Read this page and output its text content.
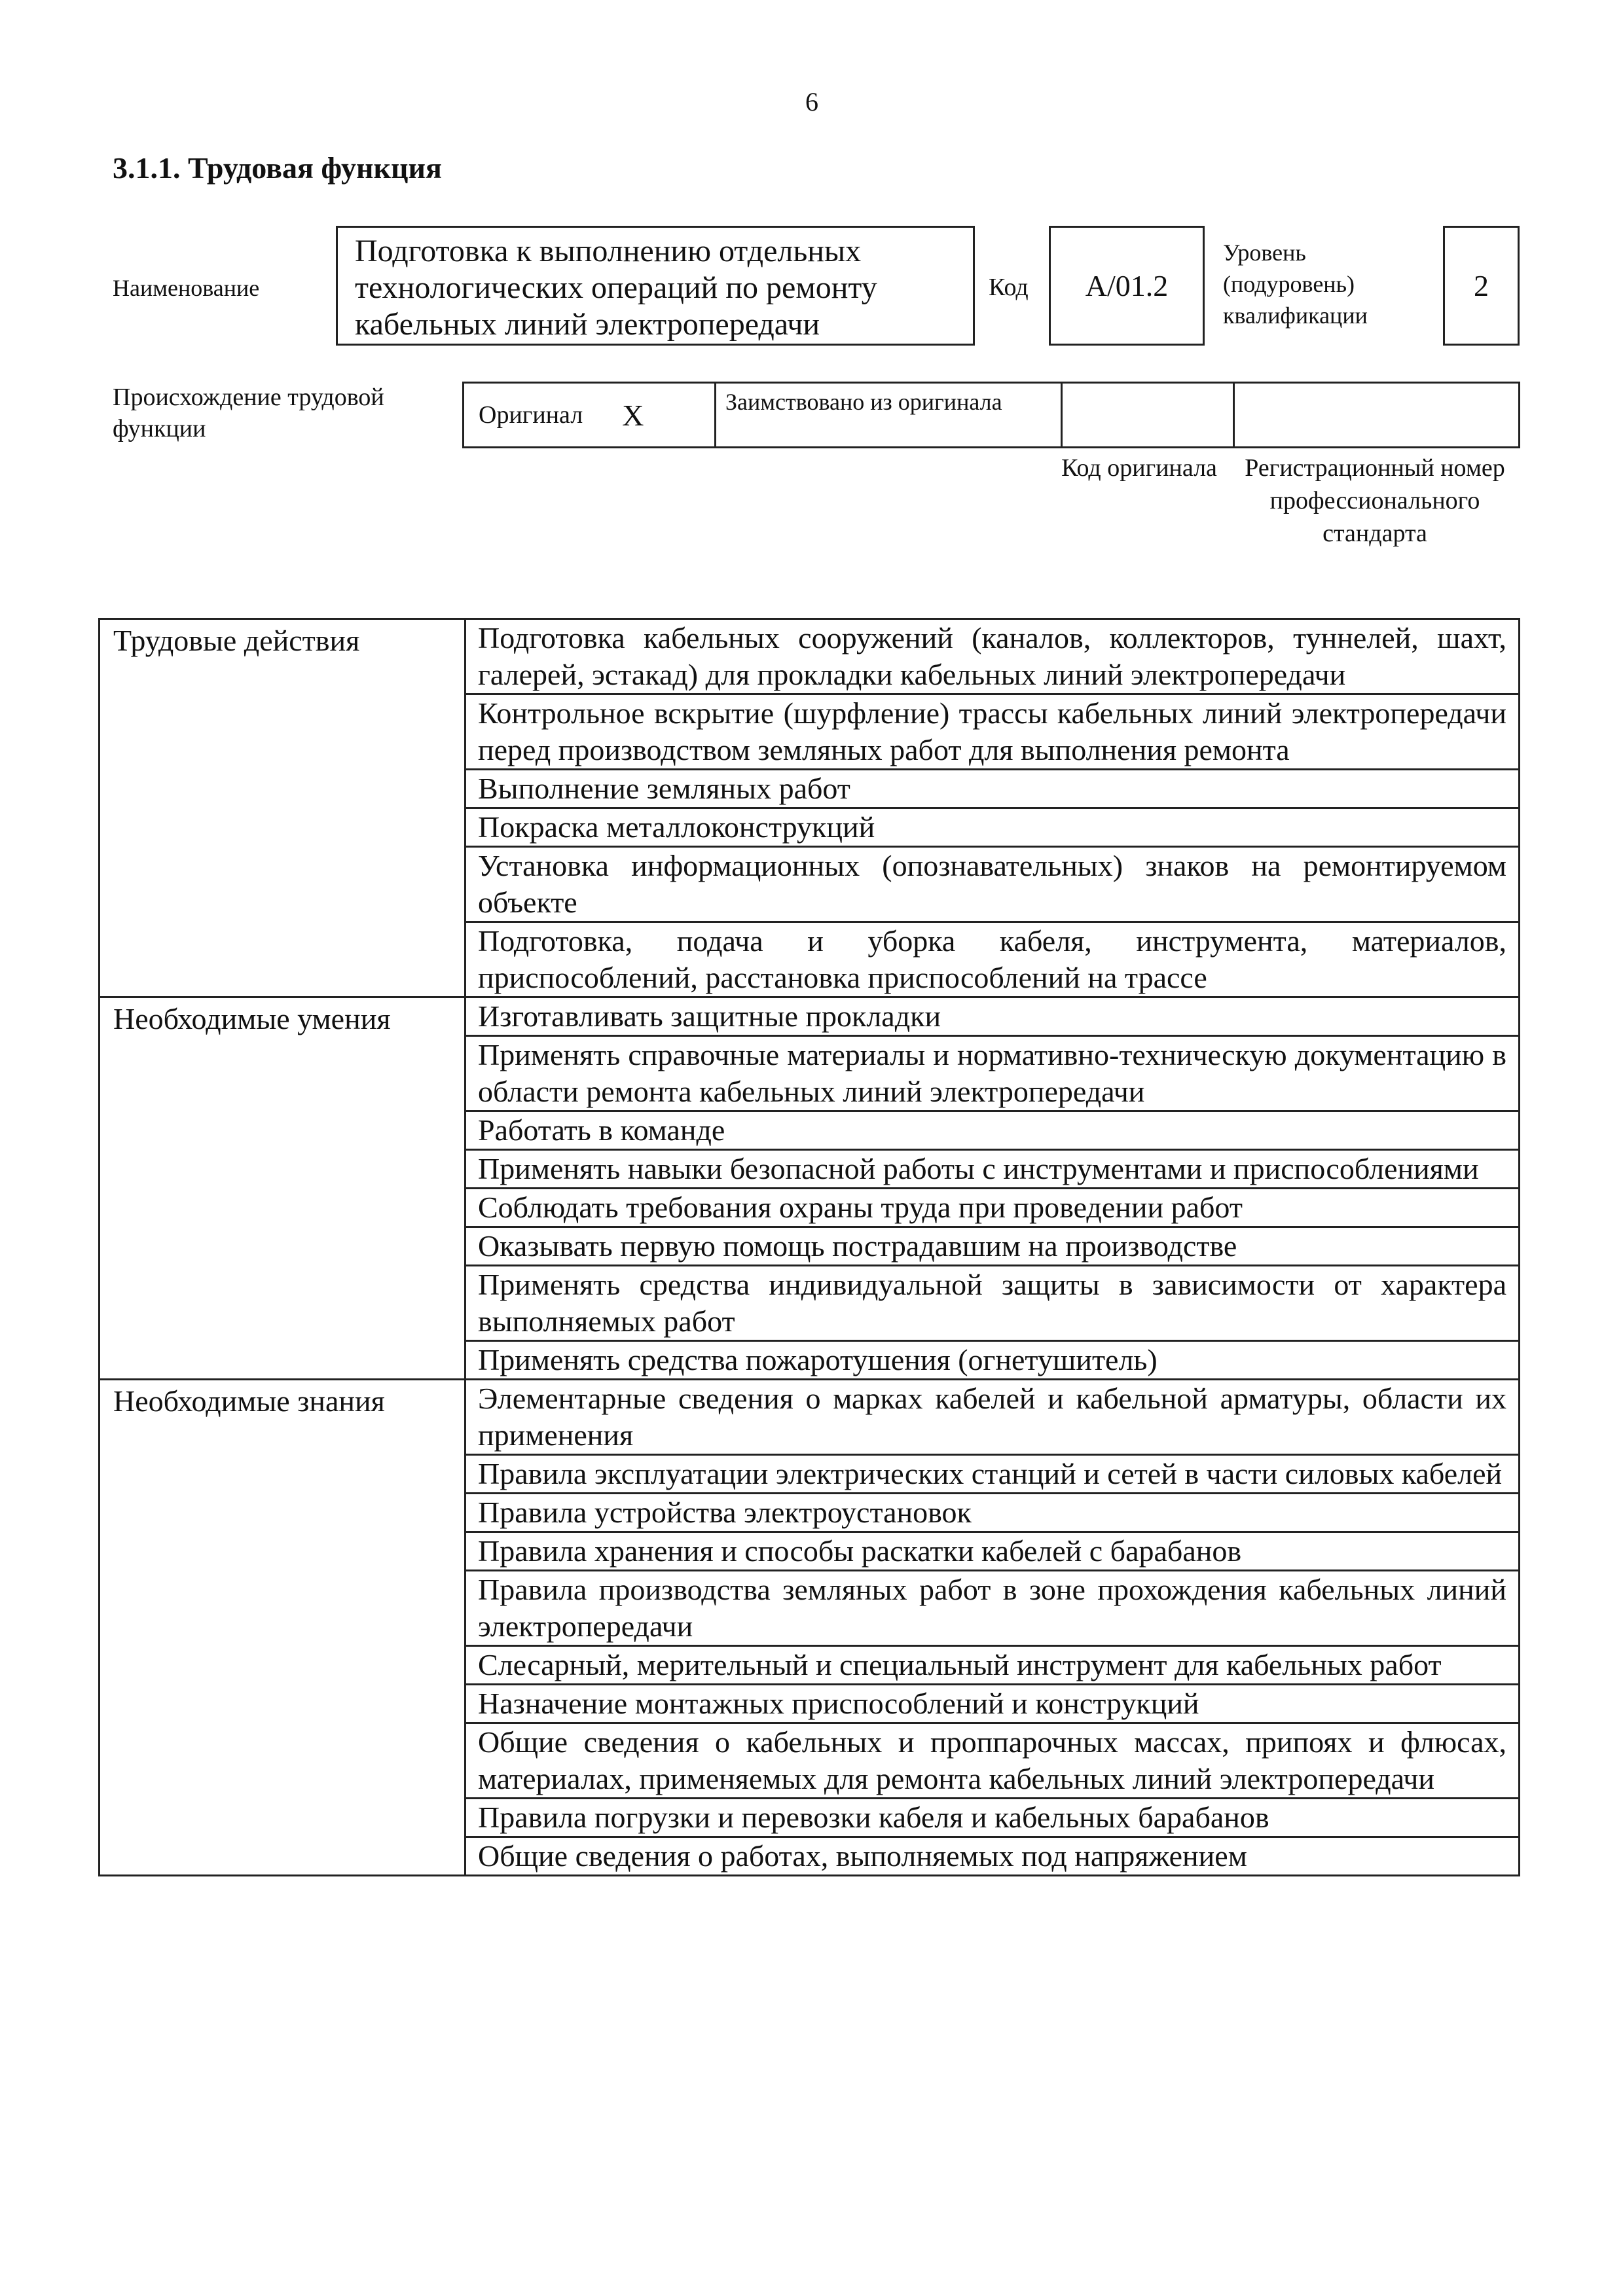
6
3.1.1. Трудовая функция
Наименование
Подготовка к выполнению отдельных технологических операций по ремонту кабельных линий электропередачи
Код	А/01.2
Уровень (подуровень) квалификации
2
Происхождение трудовой функции	Оригинал X	Заимствовано из оригинала
Код оригинала	Регистрационный номер профессионального стандарта
Трудовые действия	Подготовка кабельных сооружений (каналов, коллекторов, туннелей, шахт, галерей, эстакад) для прокладки кабельных линий электропередачи
	Контрольное вскрытие (шурфление) трассы кабельных линий электропередачи перед производством земляных работ для выполнения ремонта
	Выполнение земляных работ
	Покраска металлоконструкций
	Установка информационных (опознавательных) знаков на ремонтируемом объекте
	Подготовка, подача и уборка кабеля, инструмента, материалов, приспособлений, расстановка приспособлений на трассе
Необходимые умения	Изготавливать защитные прокладки
	Применять справочные материалы и нормативно-техническую документацию в области ремонта кабельных линий электропередачи
	Работать в команде
	Применять навыки безопасной работы с инструментами и приспособлениями
	Соблюдать требования охраны труда при проведении работ
	Оказывать первую помощь пострадавшим на производстве
	Применять средства индивидуальной защиты в зависимости от характера выполняемых работ
	Применять средства пожаротушения (огнетушитель)
Необходимые знания	Элементарные сведения о марках кабелей и кабельной арматуры, области их применения
	Правила эксплуатации электрических станций и сетей в части силовых кабелей
	Правила устройства электроустановок
	Правила хранения и способы раскатки кабелей с барабанов
	Правила производства земляных работ в зоне прохождения кабельных линий электропередачи
	Слесарный, мерительный и специальный инструмент для кабельных работ
	Назначение монтажных приспособлений и конструкций
	Общие сведения о кабельных и проппарочных массах, припоях и флюсах, материалах, применяемых для ремонта кабельных линий электропередачи
	Правила погрузки и перевозки кабеля и кабельных барабанов
	Общие сведения о работах, выполняемых под напряжением
